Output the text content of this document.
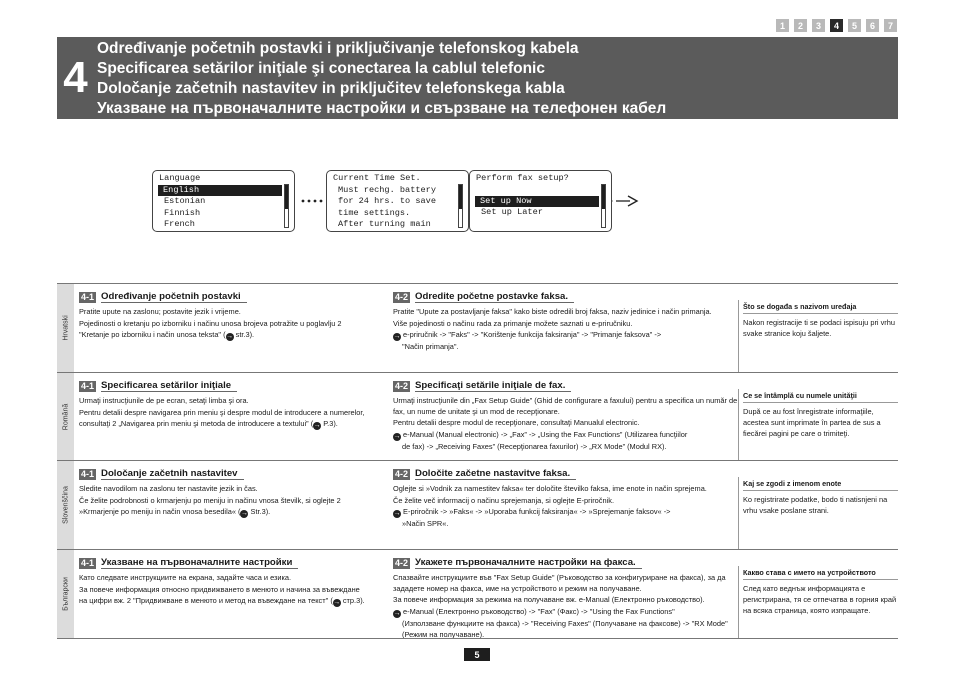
1	2	3	4	5	6	7
4
Određivanje početnih postavki i priključivanje telefonskog kabela
Specificarea setărilor iniţiale şi conectarea la cablul telefonic
Določanje začetnih nastavitev in priključitev telefonskega kabla
Указване на първоначалните настройки и свързване на телефонен кабел
Language
English
Estonian
Finnish
French
Current Time Set.
Must rechg. battery
for 24 hrs. to save
time settings.
After turning main
Perform fax setup?
Set up Now
Set up Later
Hrvatski
4-1 Određivanje početnih postavki

Pratite upute na zaslonu; postavite jezik i vrijeme.

Pojedinosti o kretanju po izborniku i načinu unosa brojeva potražite u poglavlju 2

"Kretanje po izborniku i način unosa teksta" (→ str.3).

4-2 Odredite početne postavke faksa.

Pratite "Upute za postavljanje faksa" kako biste odredili broj faksa, naziv jedinice i način primanja.

Više pojedinosti o načinu rada za primanje možete saznati u e-priručniku.

→ e-priručnik -> "Faks" -> "Korištenje funkcija faksiranja" -> "Primanje faksova" ->

"Način primanja".

Što se događa s nazivom uređaja
Nakon registracije ti se podaci ispisuju pri vrhu svake stranice koju šaljete.
Română
4-1 Specificarea setărilor iniţiale

Urmaţi instrucţiunile de pe ecran, setaţi limba şi ora.

Pentru detalii despre navigarea prin meniu şi despre modul de introducere a numerelor,

consultaţi 2 „Navigarea prin meniu şi metoda de introducere a textului” (→ P.3).

4-2 Specificaţi setările iniţiale de fax.

Urmaţi instrucţiunile din „Fax Setup Guide” (Ghid de configurare a faxului) pentru a specifica un număr de fax, un nume de unitate şi un mod de recepţionare.

Pentru detalii despre modul de recepţionare, consultaţi Manualul electronic.

→ e-Manual (Manual electronic) -> „Fax” -> „Using the Fax Functions” (Utilizarea funcţiilor

de fax) -> „Receiving Faxes” (Recepţionarea faxurilor) -> „RX Mode” (Modul RX).

Ce se întâmplă cu numele unităţii
După ce au fost înregistrate informaţiile, acestea sunt imprimate în partea de sus a fiecărei pagini pe care o trimiteţi.
Slovenščina
4-1 Določanje začetnih nastavitev

Sledite navodilom na zaslonu ter nastavite jezik in čas.

Če želite podrobnosti o krmarjenju po meniju in načinu vnosa številk, si oglejte 2

»Krmarjenje po meniju in način vnosa besedila« (→ Str.3).

4-2 Določite začetne nastavitve faksa.

Oglejte si »Vodnik za namestitev faksa« ter določite številko faksa, ime enote in način sprejema.

Če želite več informacij o načinu sprejemanja, si oglejte E-priročnik.

→ E-priročnik -> »Faks« -> »Uporaba funkcij faksiranja« -> »Sprejemanje faksov« ->

»Način SPR«.

Kaj se zgodi z imenom enote
Ko registrirate podatke, bodo ti natisnjeni na vrhu vsake poslane strani.
Български
4-1 Указване на първоначалните настройки

Като следвате инструкциите на екрана, задайте часа и езика.

За повече информация относно придвижването в менюто и начина за въвеждане

на цифри вж. 2 "Придвижване в менюто и метод на въвеждане на текст" (→ стр.3).

4-2 Укажете първоначалните настройки на факса.

Спазвайте инструкциите във "Fax Setup Guide" (Ръководство за конфигуриране на факса), за да зададете номер на факса, име на устройството и режим на получаване.

За повече информация за режима на получаване вж. e-Manual (Електронно ръководство).

→ e-Manual (Електронно ръководство) -> "Fax" (Факс) -> "Using the Fax Functions"

(Използване функциите на факса) -> "Receiving Faxes" (Получаване на факсове) -> "RX Mode" (Режим на получаване).

Какво става с името на устройството
След като веднъж информацията е регистрирана, тя се отпечатва в горния край на всяка страница, която изпращате.
5
